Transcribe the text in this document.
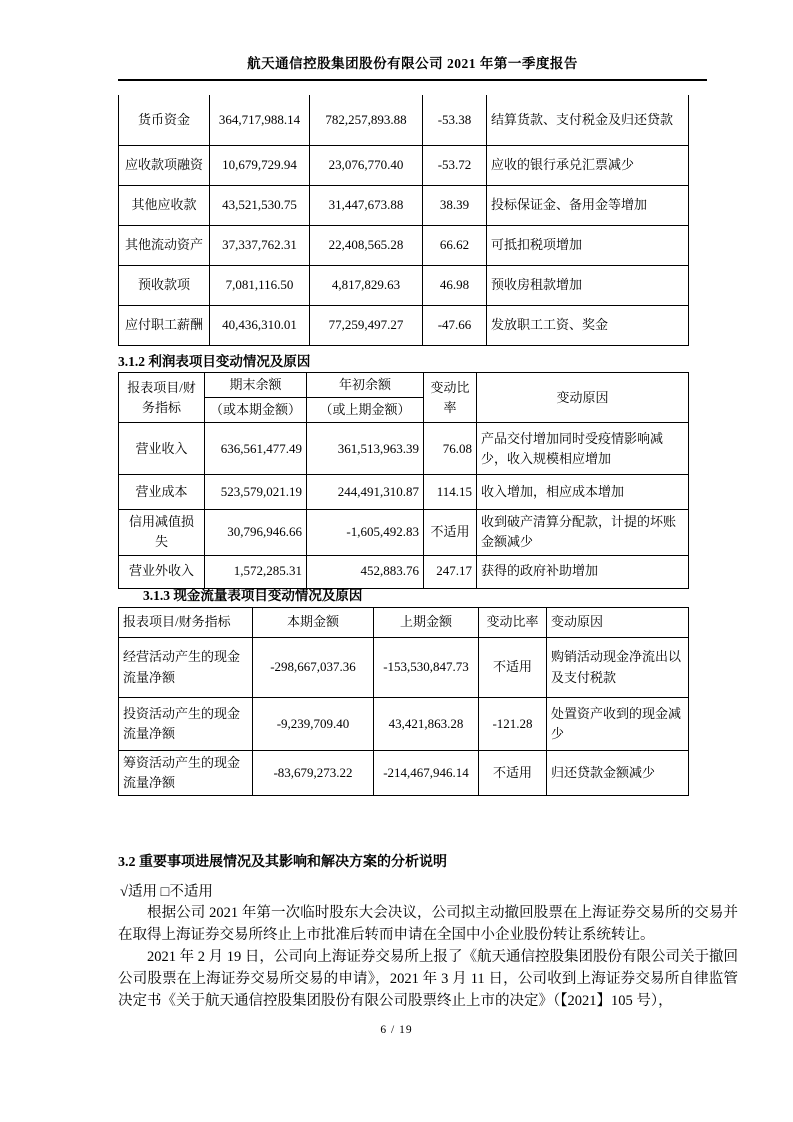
航天通信控股集团股份有限公司 2021 年第一季度报告
货币资金	364,717,988.14	782,257,893.88	-53.38	结算货款、支付税金及归还贷款
应收款项融资	10,679,729.94	23,076,770.40	-53.72	应收的银行承兑汇票减少
其他应收款	43,521,530.75	31,447,673.88	38.39	投标保证金、备用金等增加
其他流动资产	37,337,762.31	22,408,565.28	66.62	可抵扣税项增加
预收款项	7,081,116.50	4,817,829.63	46.98	预收房租款增加
应付职工薪酬	40,436,310.01	77,259,497.27	-47.66	发放职工工资、奖金
3.1.2 利润表项目变动情况及原因
报表项目/财务指标	期末余额	年初余额	变动比率	变动原因
	（或本期金额）	（或上期金额）		
营业收入	636,561,477.49	361,513,963.39	76.08	产品交付增加同时受疫情影响减少，收入规模相应增加
营业成本	523,579,021.19	244,491,310.87	114.15	收入增加，相应成本增加
信用减值损失	30,796,946.66	-1,605,492.83	不适用	收到破产清算分配款，计提的坏账金额减少
营业外收入	1,572,285.31	452,883.76	247.17	获得的政府补助增加
3.1.3 现金流量表项目变动情况及原因
报表项目/财务指标	本期金额	上期金额	变动比率	变动原因
经营活动产生的现金流量净额	-298,667,037.36	-153,530,847.73	不适用	购销活动现金净流出以及支付税款
投资活动产生的现金流量净额	-9,239,709.40	43,421,863.28	-121.28	处置资产收到的现金减少
筹资活动产生的现金流量净额	-83,679,273.22	-214,467,946.14	不适用	归还贷款金额减少
3.2 重要事项进展情况及其影响和解决方案的分析说明
√适用 □不适用

根据公司 2021 年第一次临时股东大会决议，公司拟主动撤回股票在上海证券交易所的交易并在取得上海证券交易所终止上市批准后转而申请在全国中小企业股份转让系统转让。

2021 年 2 月 19 日，公司向上海证券交易所上报了《航天通信控股集团股份有限公司关于撤回公司股票在上海证券交易所交易的申请》，2021 年 3 月 11 日，公司收到上海证券交易所自律监管决定书《关于航天通信控股集团股份有限公司股票终止上市的决定》（【2021】105 号），

6 / 19
